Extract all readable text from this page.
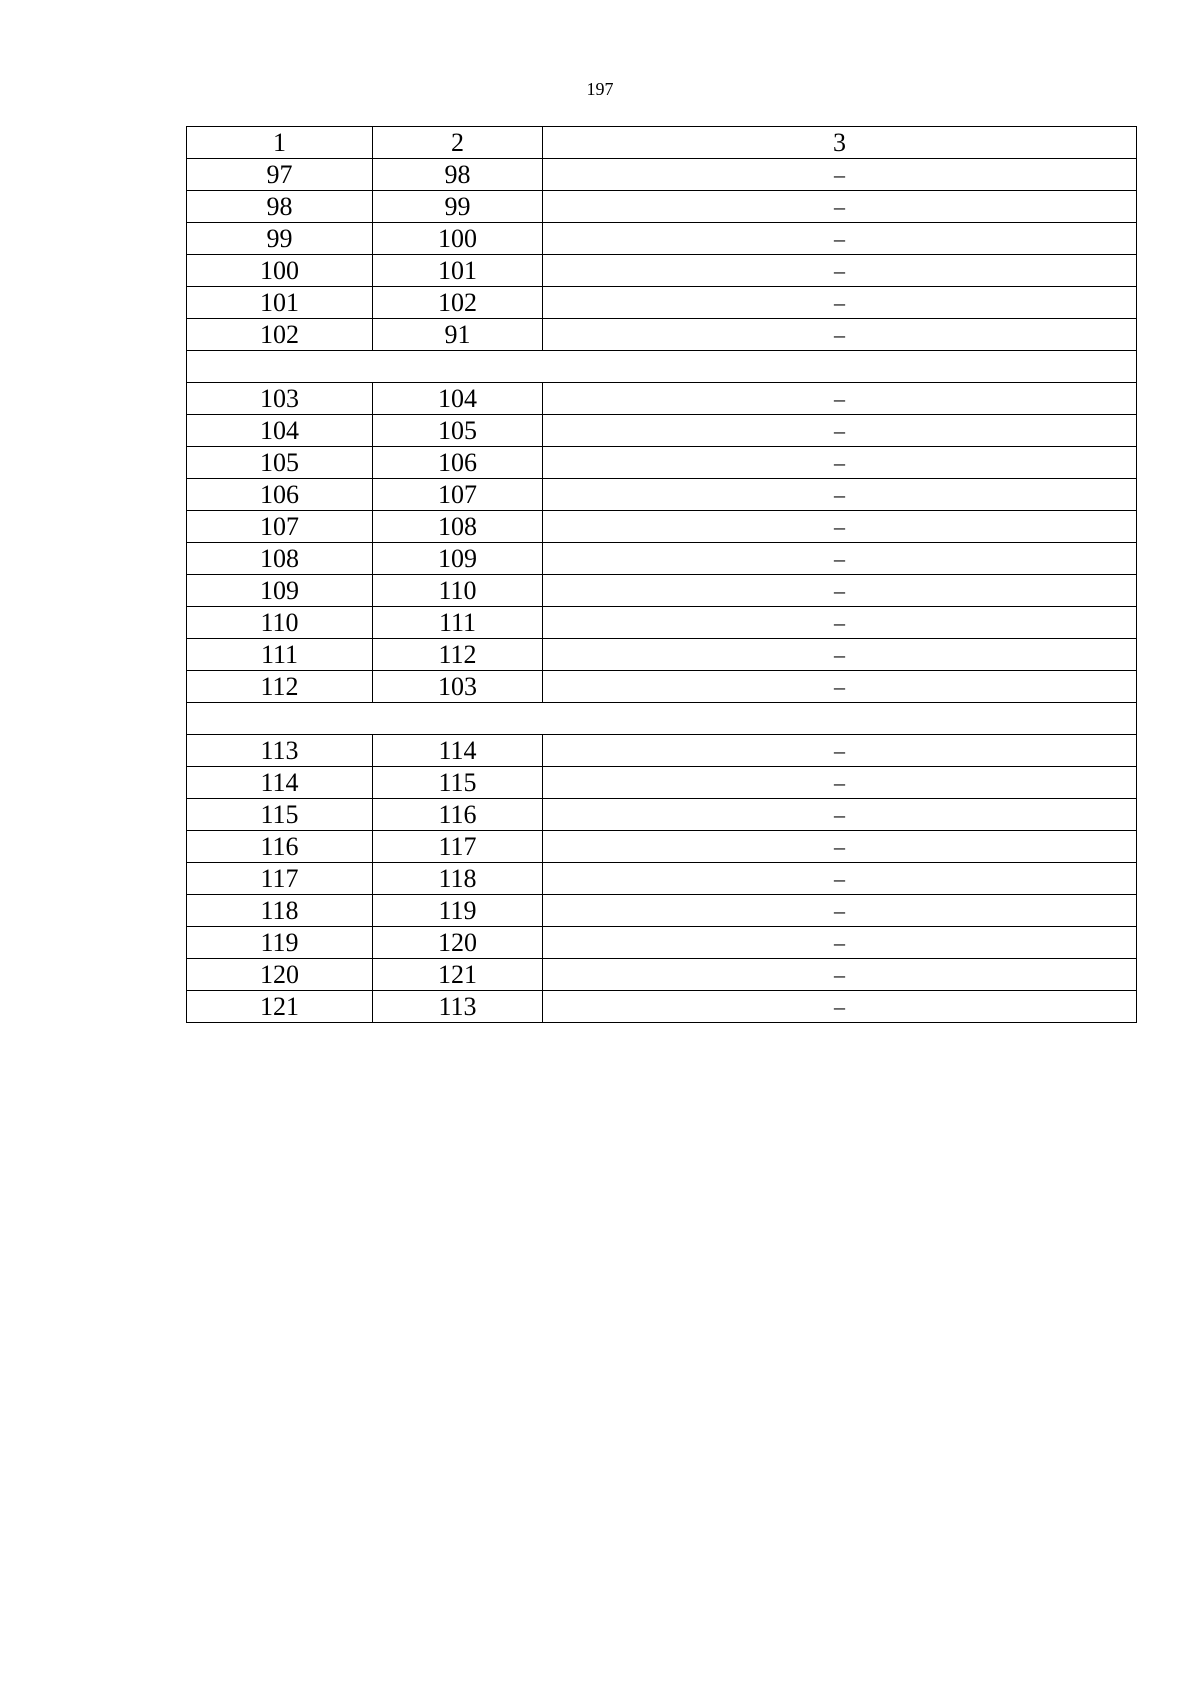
197
1	2	3
97	98	–
98	99	–
99	100	–
100	101	–
101	102	–
102	91	–

103	104	–
104	105	–
105	106	–
106	107	–
107	108	–
108	109	–
109	110	–
110	111	–
111	112	–
112	103	–

113	114	–
114	115	–
115	116	–
116	117	–
117	118	–
118	119	–
119	120	–
120	121	–
121	113	–
